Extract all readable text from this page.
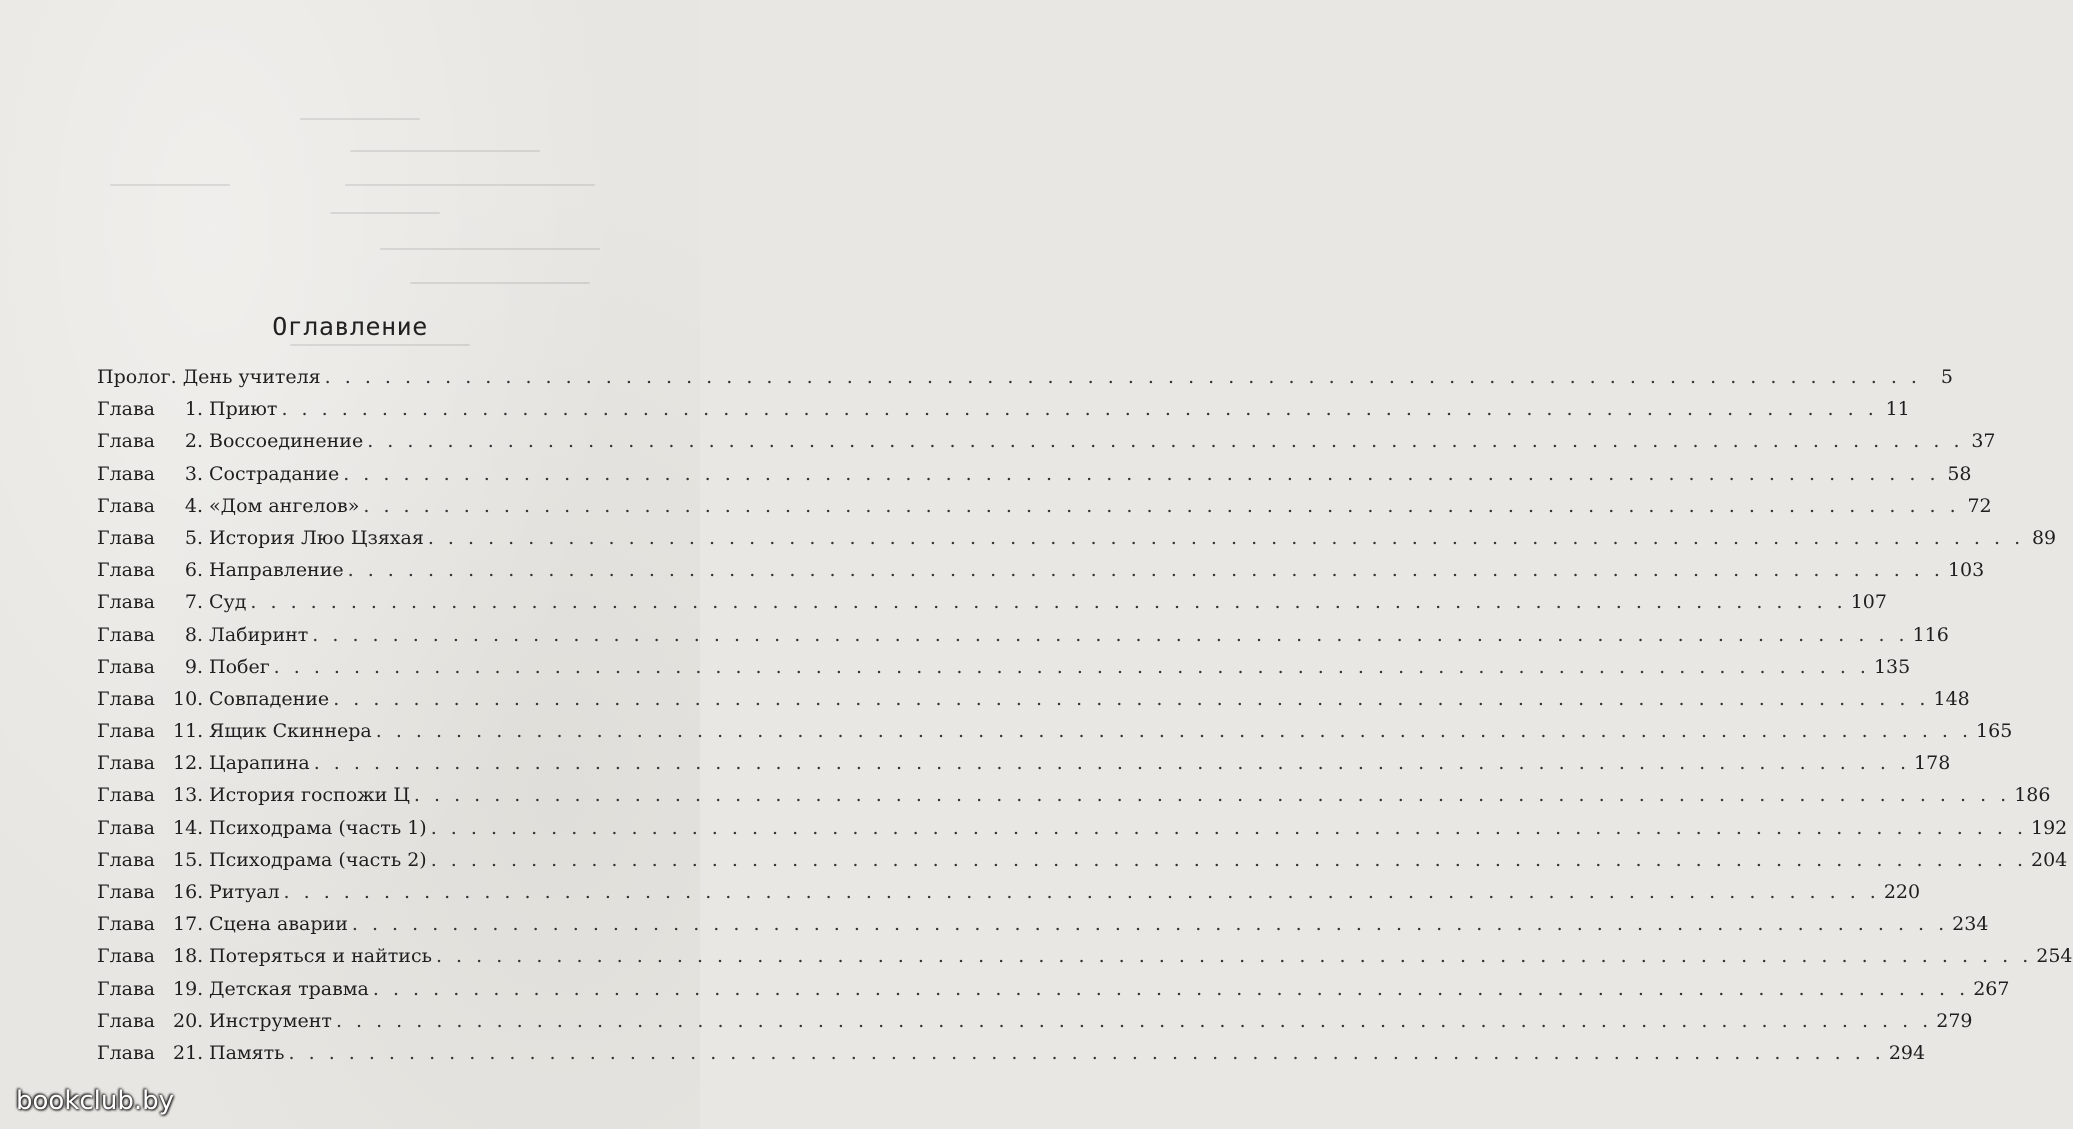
Оглавление
Пролог. День учителя . . . . . . . . . . . . . . . . . . . . . . . . . . . . . . . . . . . . . . . . . . . . . . . . . . . . . . . . . . . . . . . . . . . . . . . . . . . . . . . .	5
Глава 1. Приют . . . . . . . . . . . . . . . . . . . . . . . . . . . . . . . . . . . . . . . . . . . . . . . . . . . . . . . . . . . . . . . . . . . . . . . . . . . . . . . . 11
Глава 2. Воссоединение . . . . . . . . . . . . . . . . . . . . . . . . . . . . . . . . . . . . . . . . . . . . . . . . . . . . . . . . . . . . . . . . . . . . . . . . . . . . . . . . 37
Глава 3. Сострадание . . . . . . . . . . . . . . . . . . . . . . . . . . . . . . . . . . . . . . . . . . . . . . . . . . . . . . . . . . . . . . . . . . . . . . . . . . . . . . . . 58
Глава 4. «Дом ангелов» . . . . . . . . . . . . . . . . . . . . . . . . . . . . . . . . . . . . . . . . . . . . . . . . . . . . . . . . . . . . . . . . . . . . . . . . . . . . . . . . 72
Глава 5. История Люо Цзяхая . . . . . . . . . . . . . . . . . . . . . . . . . . . . . . . . . . . . . . . . . . . . . . . . . . . . . . . . . . . . . . . . . . . . . . . . . . . . . . . . 89
Глава 6. Направление . . . . . . . . . . . . . . . . . . . . . . . . . . . . . . . . . . . . . . . . . . . . . . . . . . . . . . . . . . . . . . . . . . . . . . . . . . . . . . . . 103
Глава 7. Суд . . . . . . . . . . . . . . . . . . . . . . . . . . . . . . . . . . . . . . . . . . . . . . . . . . . . . . . . . . . . . . . . . . . . . . . . . . . . . . . . 107
Глава 8. Лабиринт . . . . . . . . . . . . . . . . . . . . . . . . . . . . . . . . . . . . . . . . . . . . . . . . . . . . . . . . . . . . . . . . . . . . . . . . . . . . . . . . 116
Глава 9. Побег . . . . . . . . . . . . . . . . . . . . . . . . . . . . . . . . . . . . . . . . . . . . . . . . . . . . . . . . . . . . . . . . . . . . . . . . . . . . . . . . 135
Глава 10. Совпадение . . . . . . . . . . . . . . . . . . . . . . . . . . . . . . . . . . . . . . . . . . . . . . . . . . . . . . . . . . . . . . . . . . . . . . . . . . . . . . . . 148
Глава 11. Ящик Скиннера . . . . . . . . . . . . . . . . . . . . . . . . . . . . . . . . . . . . . . . . . . . . . . . . . . . . . . . . . . . . . . . . . . . . . . . . . . . . . . . . 165
Глава 12. Царапина . . . . . . . . . . . . . . . . . . . . . . . . . . . . . . . . . . . . . . . . . . . . . . . . . . . . . . . . . . . . . . . . . . . . . . . . . . . . . . . . 178
Глава 13. История госпожи Ц . . . . . . . . . . . . . . . . . . . . . . . . . . . . . . . . . . . . . . . . . . . . . . . . . . . . . . . . . . . . . . . . . . . . . . . . . . . . . . . . 186
Глава 14. Психодрама (часть 1) . . . . . . . . . . . . . . . . . . . . . . . . . . . . . . . . . . . . . . . . . . . . . . . . . . . . . . . . . . . . . . . . . . . . . . . . . . . . . . . . 192
Глава 15. Психодрама (часть 2) . . . . . . . . . . . . . . . . . . . . . . . . . . . . . . . . . . . . . . . . . . . . . . . . . . . . . . . . . . . . . . . . . . . . . . . . . . . . . . . . 204
Глава 16. Ритуал . . . . . . . . . . . . . . . . . . . . . . . . . . . . . . . . . . . . . . . . . . . . . . . . . . . . . . . . . . . . . . . . . . . . . . . . . . . . . . . . 220
Глава 17. Сцена аварии . . . . . . . . . . . . . . . . . . . . . . . . . . . . . . . . . . . . . . . . . . . . . . . . . . . . . . . . . . . . . . . . . . . . . . . . . . . . . . . . 234
Глава 18. Потеряться и найтись . . . . . . . . . . . . . . . . . . . . . . . . . . . . . . . . . . . . . . . . . . . . . . . . . . . . . . . . . . . . . . . . . . . . . . . . . . . . . . . . 254
Глава 19. Детская травма . . . . . . . . . . . . . . . . . . . . . . . . . . . . . . . . . . . . . . . . . . . . . . . . . . . . . . . . . . . . . . . . . . . . . . . . . . . . . . . . 267
Глава 20. Инструмент . . . . . . . . . . . . . . . . . . . . . . . . . . . . . . . . . . . . . . . . . . . . . . . . . . . . . . . . . . . . . . . . . . . . . . . . . . . . . . . . 279
Глава 21. Память . . . . . . . . . . . . . . . . . . . . . . . . . . . . . . . . . . . . . . . . . . . . . . . . . . . . . . . . . . . . . . . . . . . . . . . . . . . . . . . . 294
bookclub.by
